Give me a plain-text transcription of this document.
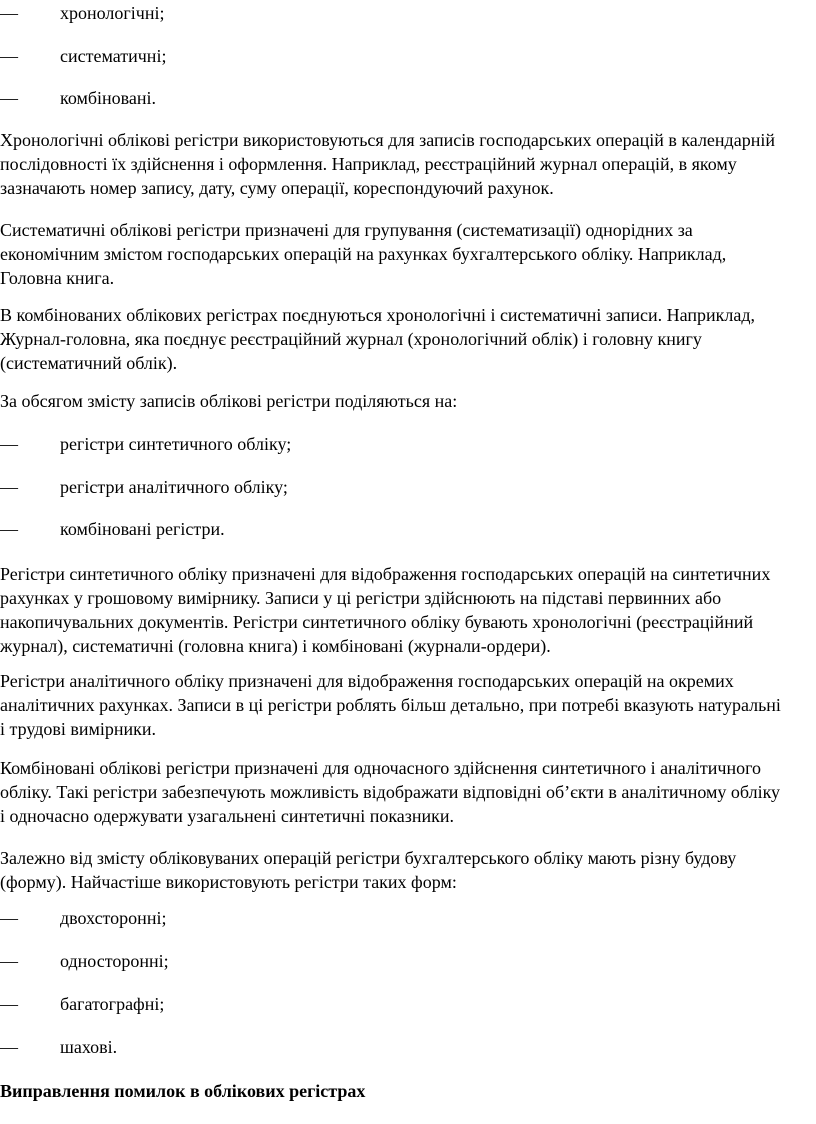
—	хронологічні;
—	систематичні;
—	комбіновані.
Хронологічні облікові регістри використовуються для записів господарських операцій в календарній
послідовності їх здійснення і оформлення. Наприклад, реєстраційний журнал операцій, в якому
зазначають номер запису, дату, суму операції, кореспондуючий рахунок.
Систематичні облікові регістри призначені для групування (систематизації) однорідних за
економічним змістом господарських операцій на рахунках бухгалтерського обліку. Наприклад,
Головна книга.
В комбінованих облікових регістрах поєднуються хронологічні і систематичні записи. Наприклад,
Журнал-головна, яка поєднує реєстраційний журнал (хронологічний облік) і головну книгу
(систематичний облік).
За обсягом змісту записів облікові регістри поділяються на:
—	регістри синтетичного обліку;
—	регістри аналітичного обліку;
—	комбіновані регістри.
Регістри синтетичного обліку призначені для відображення господарських операцій на синтетичних
рахунках у грошовому вимірнику. Записи у ці регістри здійснюють на підставі первинних або
накопичувальних документів. Регістри синтетичного обліку бувають хронологічні (реєстраційний
журнал), систематичні (головна книга) і комбіновані (журнали-ордери).
Регістри аналітичного обліку призначені для відображення господарських операцій на окремих
аналітичних рахунках. Записи в ці регістри роблять більш детально, при потребі вказують натуральні
і трудові вимірники.
Комбіновані облікові регістри призначені для одночасного здійснення синтетичного і аналітичного
обліку. Такі регістри забезпечують можливість відображати відповідні об’єкти в аналітичному обліку
і одночасно одержувати узагальнені синтетичні показники.
Залежно від змісту обліковуваних операцій регістри бухгалтерського обліку мають різну будову
(форму). Найчастіше використовують регістри таких форм:
—	двохсторонні;
—	односторонні;
—	багатографні;
—	шахові.
Виправлення помилок в облікових регістрах
